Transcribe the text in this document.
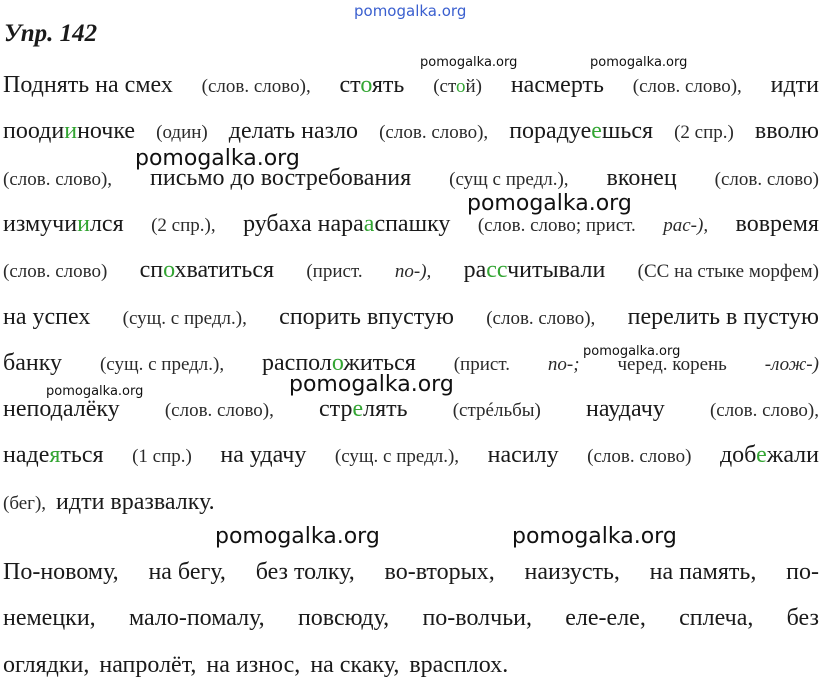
pomogalka.org
Упр. 142
pomogalka.org	pomogalka.org
pomogalka.org
pomogalka.org
pomogalka.org
pomogalka.org
pomogalka.org
pomogalka.org	pomogalka.org
Поднять на смех (слов. слово), стоять (стой) насмерть (слов. слово), идти
поодииночке (один) делать назло (слов. слово), порадуеешься (2 спр.) вволю
(слов. слово), письмо до востребования (сущ с предл.), вконец (слов. слово)
измучиился (2 спр.), рубаха нарааспашку (слов. слово; прист. рас-), вовремя
(слов. слово) спохватиться (прист. по-), рассчитывали (СС на стыке морфем)
на успех (сущ. с предл.), спорить впустую (слов. слово), перелить в пустую
банку (сущ. с предл.), расположиться (прист. по-; черед. корень -лож-)
неподалёку (слов. слово), стрелять (стрéльбы) наудачу (слов. слово),
надеяться (1 спр.) на удачу (сущ. с предл.), насилу (слов. слово) добежали
(бег), идти вразвалку.
По-новому, на бегу, без толку, во-вторых, наизусть, на память, по-
немецки, мало-помалу, повсюду, по-волчьи, еле-еле, сплеча, без
оглядки, напролёт, на износ, на скаку, врасплох.
